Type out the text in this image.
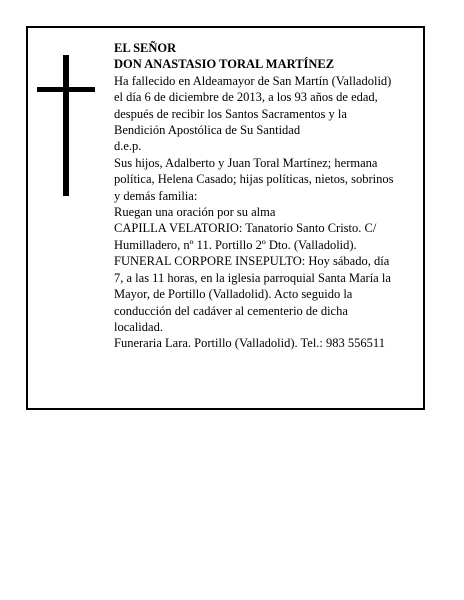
EL SEÑOR
DON ANASTASIO TORAL MARTÍNEZ
Ha fallecido en Aldeamayor de San Martín (Valladolid)
el día 6 de diciembre de 2013, a los 93 años de edad,
después de recibir los Santos Sacramentos y la
Bendición Apostólica de Su Santidad
d.e.p.
Sus hijos, Adalberto y Juan Toral Martínez; hermana
política, Helena Casado; hijas políticas, nietos, sobrinos
y demás familia:
Ruegan una oración por su alma
CAPILLA VELATORIO: Tanatorio Santo Cristo. C/
Humilladero, nº 11. Portillo 2º Dto. (Valladolid).
FUNERAL CORPORE INSEPULTO: Hoy sábado, día
7, a las 11 horas, en la iglesia parroquial Santa María la
Mayor, de Portillo (Valladolid). Acto seguido la
conducción del cadáver al cementerio de dicha
localidad.
Funeraria Lara. Portillo (Valladolid). Tel.: 983 556511
